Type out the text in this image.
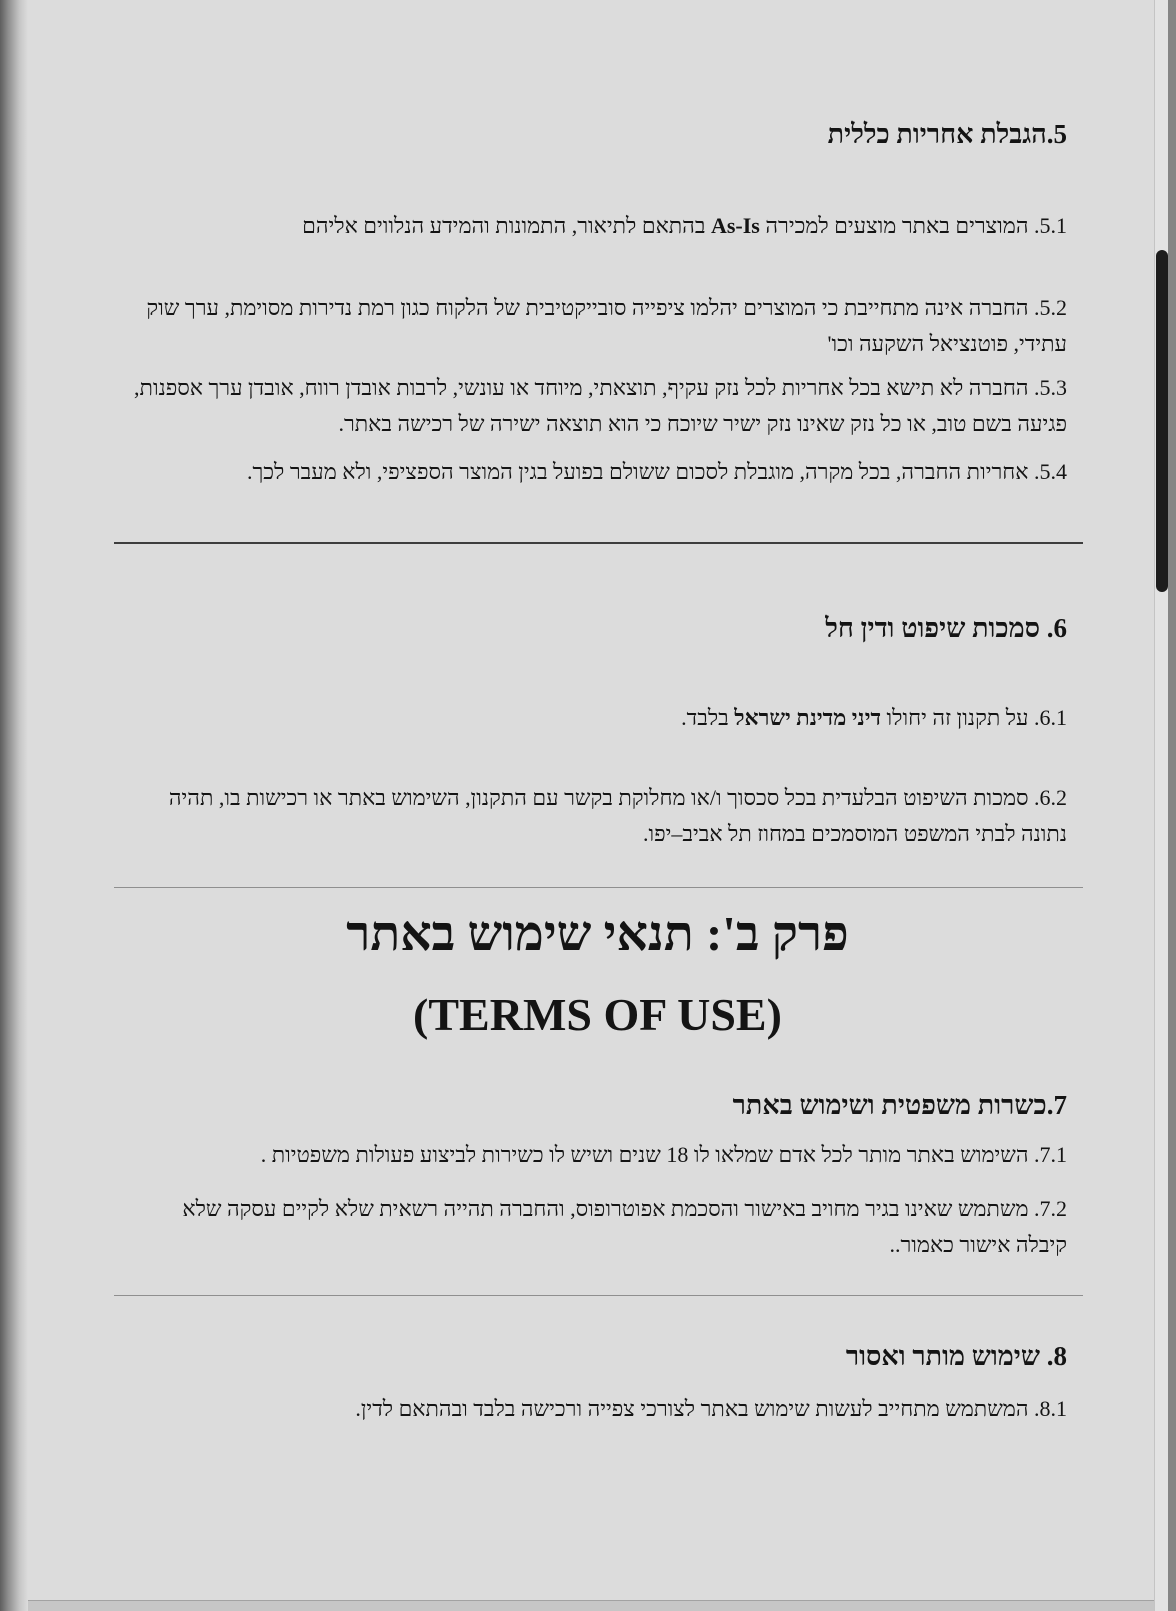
5.הגבלת אחריות כללית

5.1. המוצרים באתר מוצעים למכירה As-Is בהתאם לתיאור, התמונות והמידע הנלווים אליהם

5.2. החברה אינה מתחייבת כי המוצרים יהלמו ציפייה סובייקטיבית של הלקוח כגון רמת נדירות מסוימת, ערך שוק עתידי, פוטנציאל השקעה וכו'

5.3. החברה לא תישא בכל אחריות לכל נזק עקיף, תוצאתי, מיוחד או עונשי, לרבות אובדן רווח, אובדן ערך אספנות, פגיעה בשם טוב, או כל נזק שאינו נזק ישיר שיוכח כי הוא תוצאה ישירה של רכישה באתר.

5.4. אחריות החברה, בכל מקרה, מוגבלת לסכום ששולם בפועל בגין המוצר הספציפי, ולא מעבר לכך.

6. סמכות שיפוט ודין חל

6.1. על תקנון זה יחולו דיני מדינת ישראל בלבד.

6.2. סמכות השיפוט הבלעדית בכל סכסוך ו/או מחלוקת בקשר עם התקנון, השימוש באתר או רכישות בו, תהיה נתונה לבתי המשפט המוסמכים במחוז תל אביב–יפו.

פרק ב': תנאי שימוש באתר
(TERMS OF USE)
7.כשרות משפטית ושימוש באתר

7.1. השימוש באתר מותר לכל אדם שמלאו לו 18 שנים ושיש לו כשירות לביצוע פעולות משפטיות .

7.2. משתמש שאינו בגיר מחויב באישור והסכמת אפוטרופוס, והחברה תהייה רשאית שלא לקיים עסקה שלא קיבלה אישור כאמור..

8. שימוש מותר ואסור

8.1. המשתמש מתחייב לעשות שימוש באתר לצורכי צפייה ורכישה בלבד ובהתאם לדין.
